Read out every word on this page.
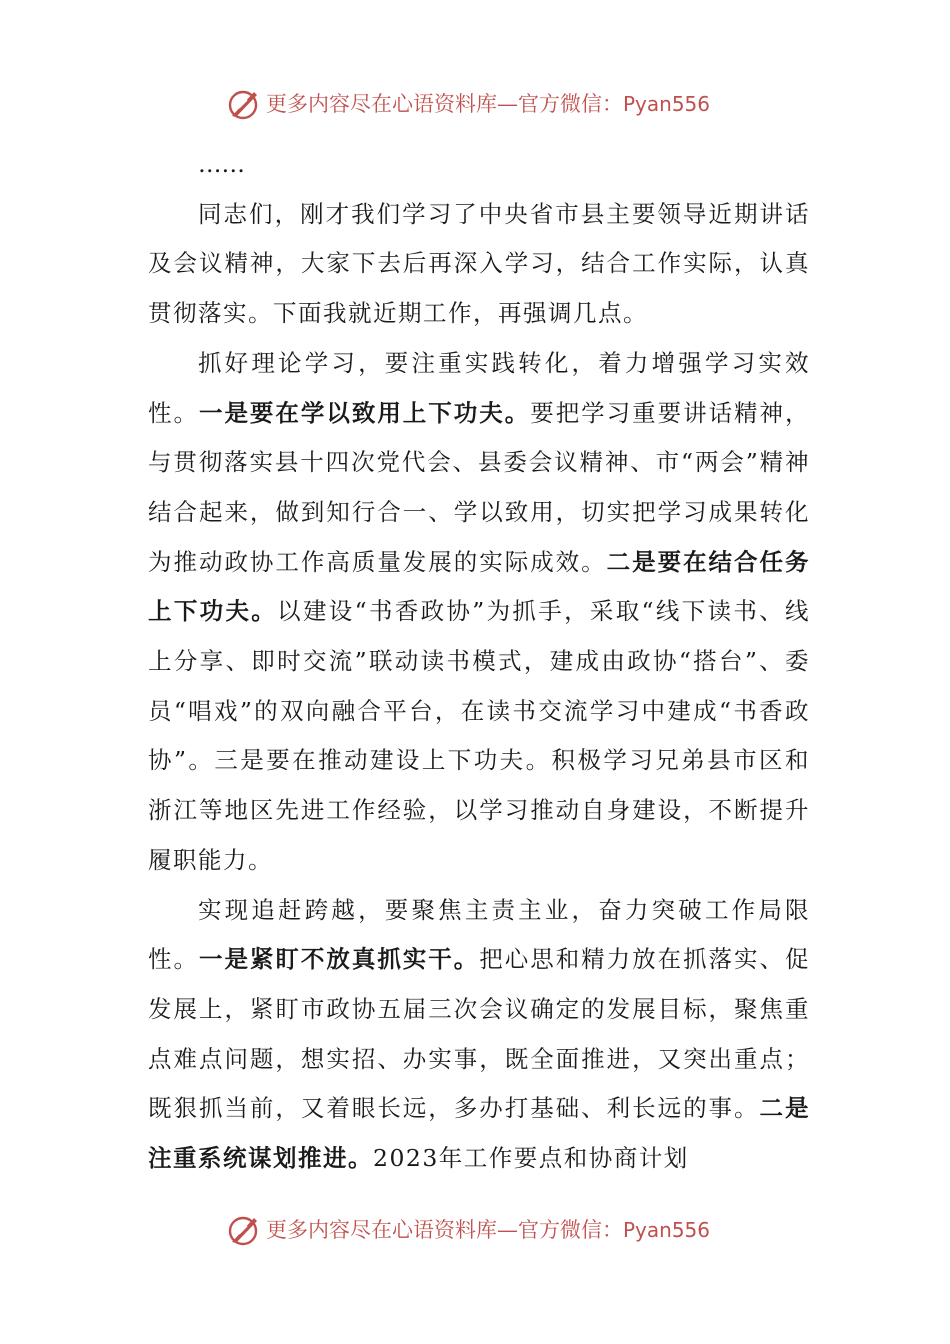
更多内容尽在心语资料库—官方微信：Pyan556

……

同志们，刚才我们学习了中央省市县主要领导近期讲话及会议精神，大家下去后再深入学习，结合工作实际，认真贯彻落实。下面我就近期工作，再强调几点。

抓好理论学习，要注重实践转化，着力增强学习实效性。一是要在学以致用上下功夫。要把学习重要讲话精神，与贯彻落实县十四次党代会、县委会议精神、市“两会”精神结合起来，做到知行合一、学以致用，切实把学习成果转化为推动政协工作高质量发展的实际成效。二是要在结合任务上下功夫。以建设“书香政协”为抓手，采取“线下读书、线上分享、即时交流”联动读书模式，建成由政协“搭台”、委员“唱戏”的双向融合平台，在读书交流学习中建成“书香政协”。三是要在推动建设上下功夫。积极学习兄弟县市区和浙江等地区先进工作经验，以学习推动自身建设，不断提升履职能力。

实现追赶跨越，要聚焦主责主业，奋力突破工作局限性。一是紧盯不放真抓实干。把心思和精力放在抓落实、促发展上，紧盯市政协五届三次会议确定的发展目标，聚焦重点难点问题，想实招、办实事，既全面推进，又突出重点；既狠抓当前，又着眼长远，多办打基础、利长远的事。二是注重系统谋划推进。2023年工作要点和协商计划

更多内容尽在心语资料库—官方微信：Pyan556
